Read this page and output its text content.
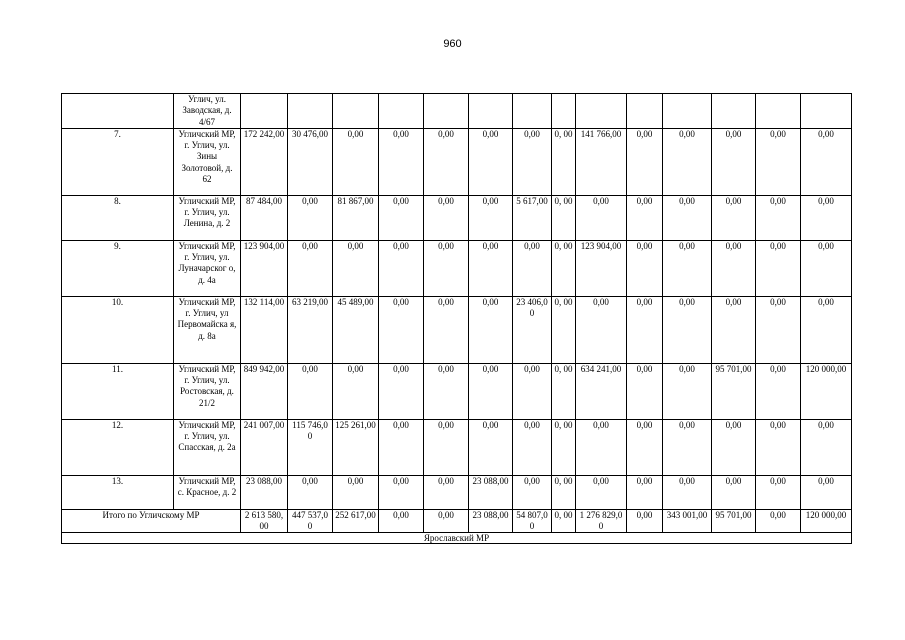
960
	Углич, ул. Заводская, д. 4/67														
7.	Угличский МР, г. Углич, ул. Зины Золотовой, д. 62	172 242,00	30 476,00	0,00	0,00	0,00	0,00	0,00	0, 00	141 766,00	0,00	0,00	0,00	0,00	0,00
8.	Угличский МР, г. Углич, ул. Ленина, д. 2	87 484,00	0,00	81 867,00	0,00	0,00	0,00	5 617,00	0, 00	0,00	0,00	0,00	0,00	0,00	0,00
9.	Угличский МР, г. Углич, ул. Луначарског о, д. 4а	123 904,00	0,00	0,00	0,00	0,00	0,00	0,00	0, 00	123 904,00	0,00	0,00	0,00	0,00	0,00
10.	Угличский МР, г. Углич, ул Первомайска я, д. 8а	132 114,00	63 219,00	45 489,00	0,00	0,00	0,00	23 406,00	0, 00	0,00	0,00	0,00	0,00	0,00	0,00
11.	Угличский МР, г. Углич, ул. Ростовская, д. 21/2	849 942,00	0,00	0,00	0,00	0,00	0,00	0,00	0, 00	634 241,00	0,00	0,00	95 701,00	0,00	120 000,00
12.	Угличский МР, г. Углич, ул. Спасская, д. 2а	241 007,00	115 746,00	125 261,00	0,00	0,00	0,00	0,00	0, 00	0,00	0,00	0,00	0,00	0,00	0,00
13.	Угличский МР, с. Красное, д. 2	23 088,00	0,00	0,00	0,00	0,00	23 088,00	0,00	0, 00	0,00	0,00	0,00	0,00	0,00	0,00
Итого по Угличскому МР		2 613 580,00	447 537,00	252 617,00	0,00	0,00	23 088,00	54 807,00	0, 00	1 276 829,00	0,00	343 001,00	95 701,00	0,00	120 000,00
Ярославский МР															
